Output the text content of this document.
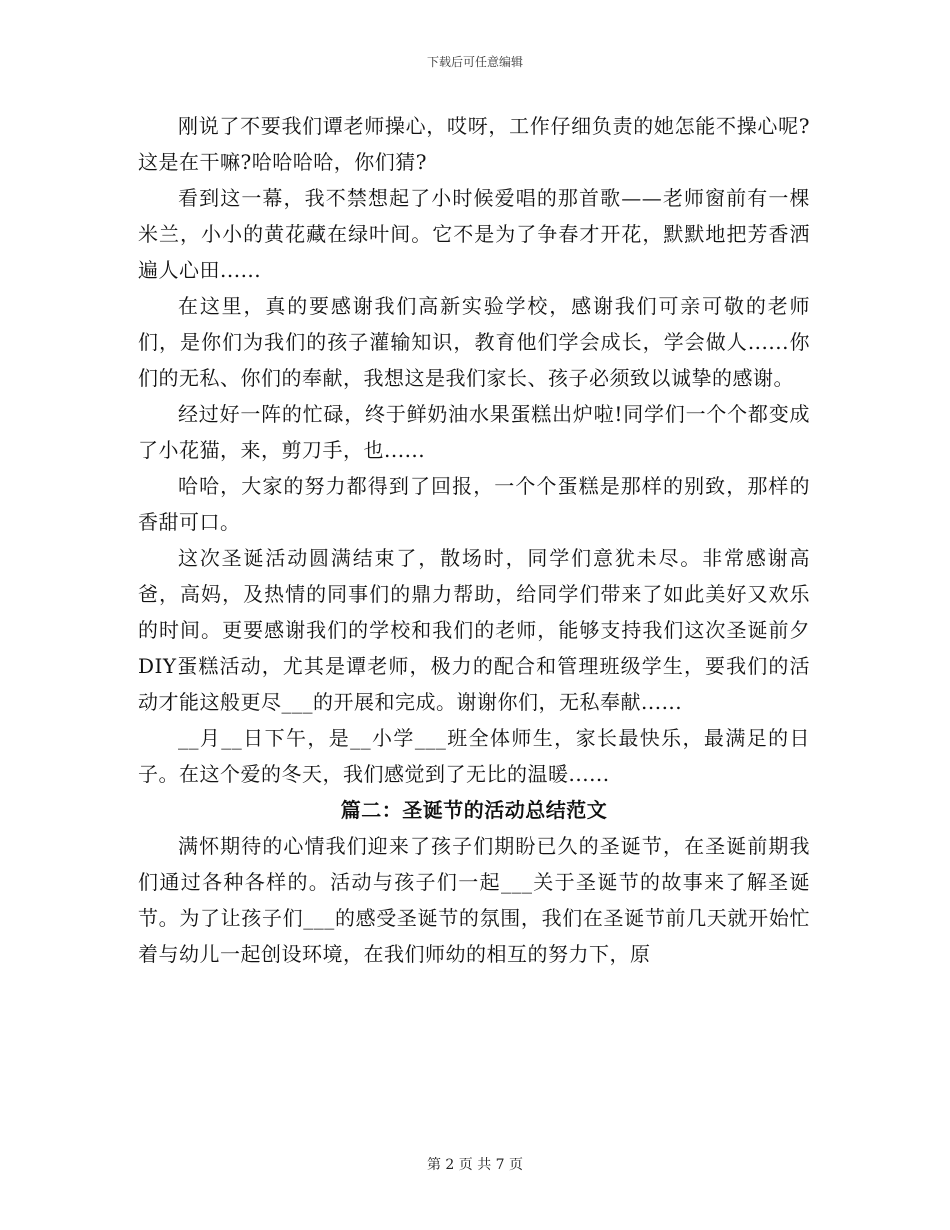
下载后可任意编辑

刚说了不要我们谭老师操心，哎呀，工作仔细负责的她怎能不操心呢?这是在干嘛?哈哈哈哈，你们猜?

看到这一幕，我不禁想起了小时候爱唱的那首歌——老师窗前有一棵米兰，小小的黄花藏在绿叶间。它不是为了争春才开花，默默地把芳香洒遍人心田......

在这里，真的要感谢我们高新实验学校，感谢我们可亲可敬的老师们，是你们为我们的孩子灌输知识，教育他们学会成长，学会做人......你们的无私、你们的奉献，我想这是我们家长、孩子必须致以诚挚的感谢。

经过好一阵的忙碌，终于鲜奶油水果蛋糕出炉啦!同学们一个个都变成了小花猫，来，剪刀手，也......

哈哈，大家的努力都得到了回报，一个个蛋糕是那样的别致，那样的香甜可口。

这次圣诞活动圆满结束了，散场时，同学们意犹未尽。非常感谢高爸，高妈，及热情的同事们的鼎力帮助，给同学们带来了如此美好又欢乐的时间。更要感谢我们的学校和我们的老师，能够支持我们这次圣诞前夕DIY蛋糕活动，尤其是谭老师，极力的配合和管理班级学生，要我们的活动才能这般更尽___的开展和完成。谢谢你们，无私奉献......

__月__日下午，是__小学___班全体师生，家长最快乐，最满足的日子。在这个爱的冬天，我们感觉到了无比的温暖......

篇二：圣诞节的活动总结范文

满怀期待的心情我们迎来了孩子们期盼已久的圣诞节，在圣诞前期我们通过各种各样的。活动与孩子们一起___关于圣诞节的故事来了解圣诞节。为了让孩子们___的感受圣诞节的氛围，我们在圣诞节前几天就开始忙着与幼儿一起创设环境，在我们师幼的相互的努力下，原

第 2 页 共 7 页
